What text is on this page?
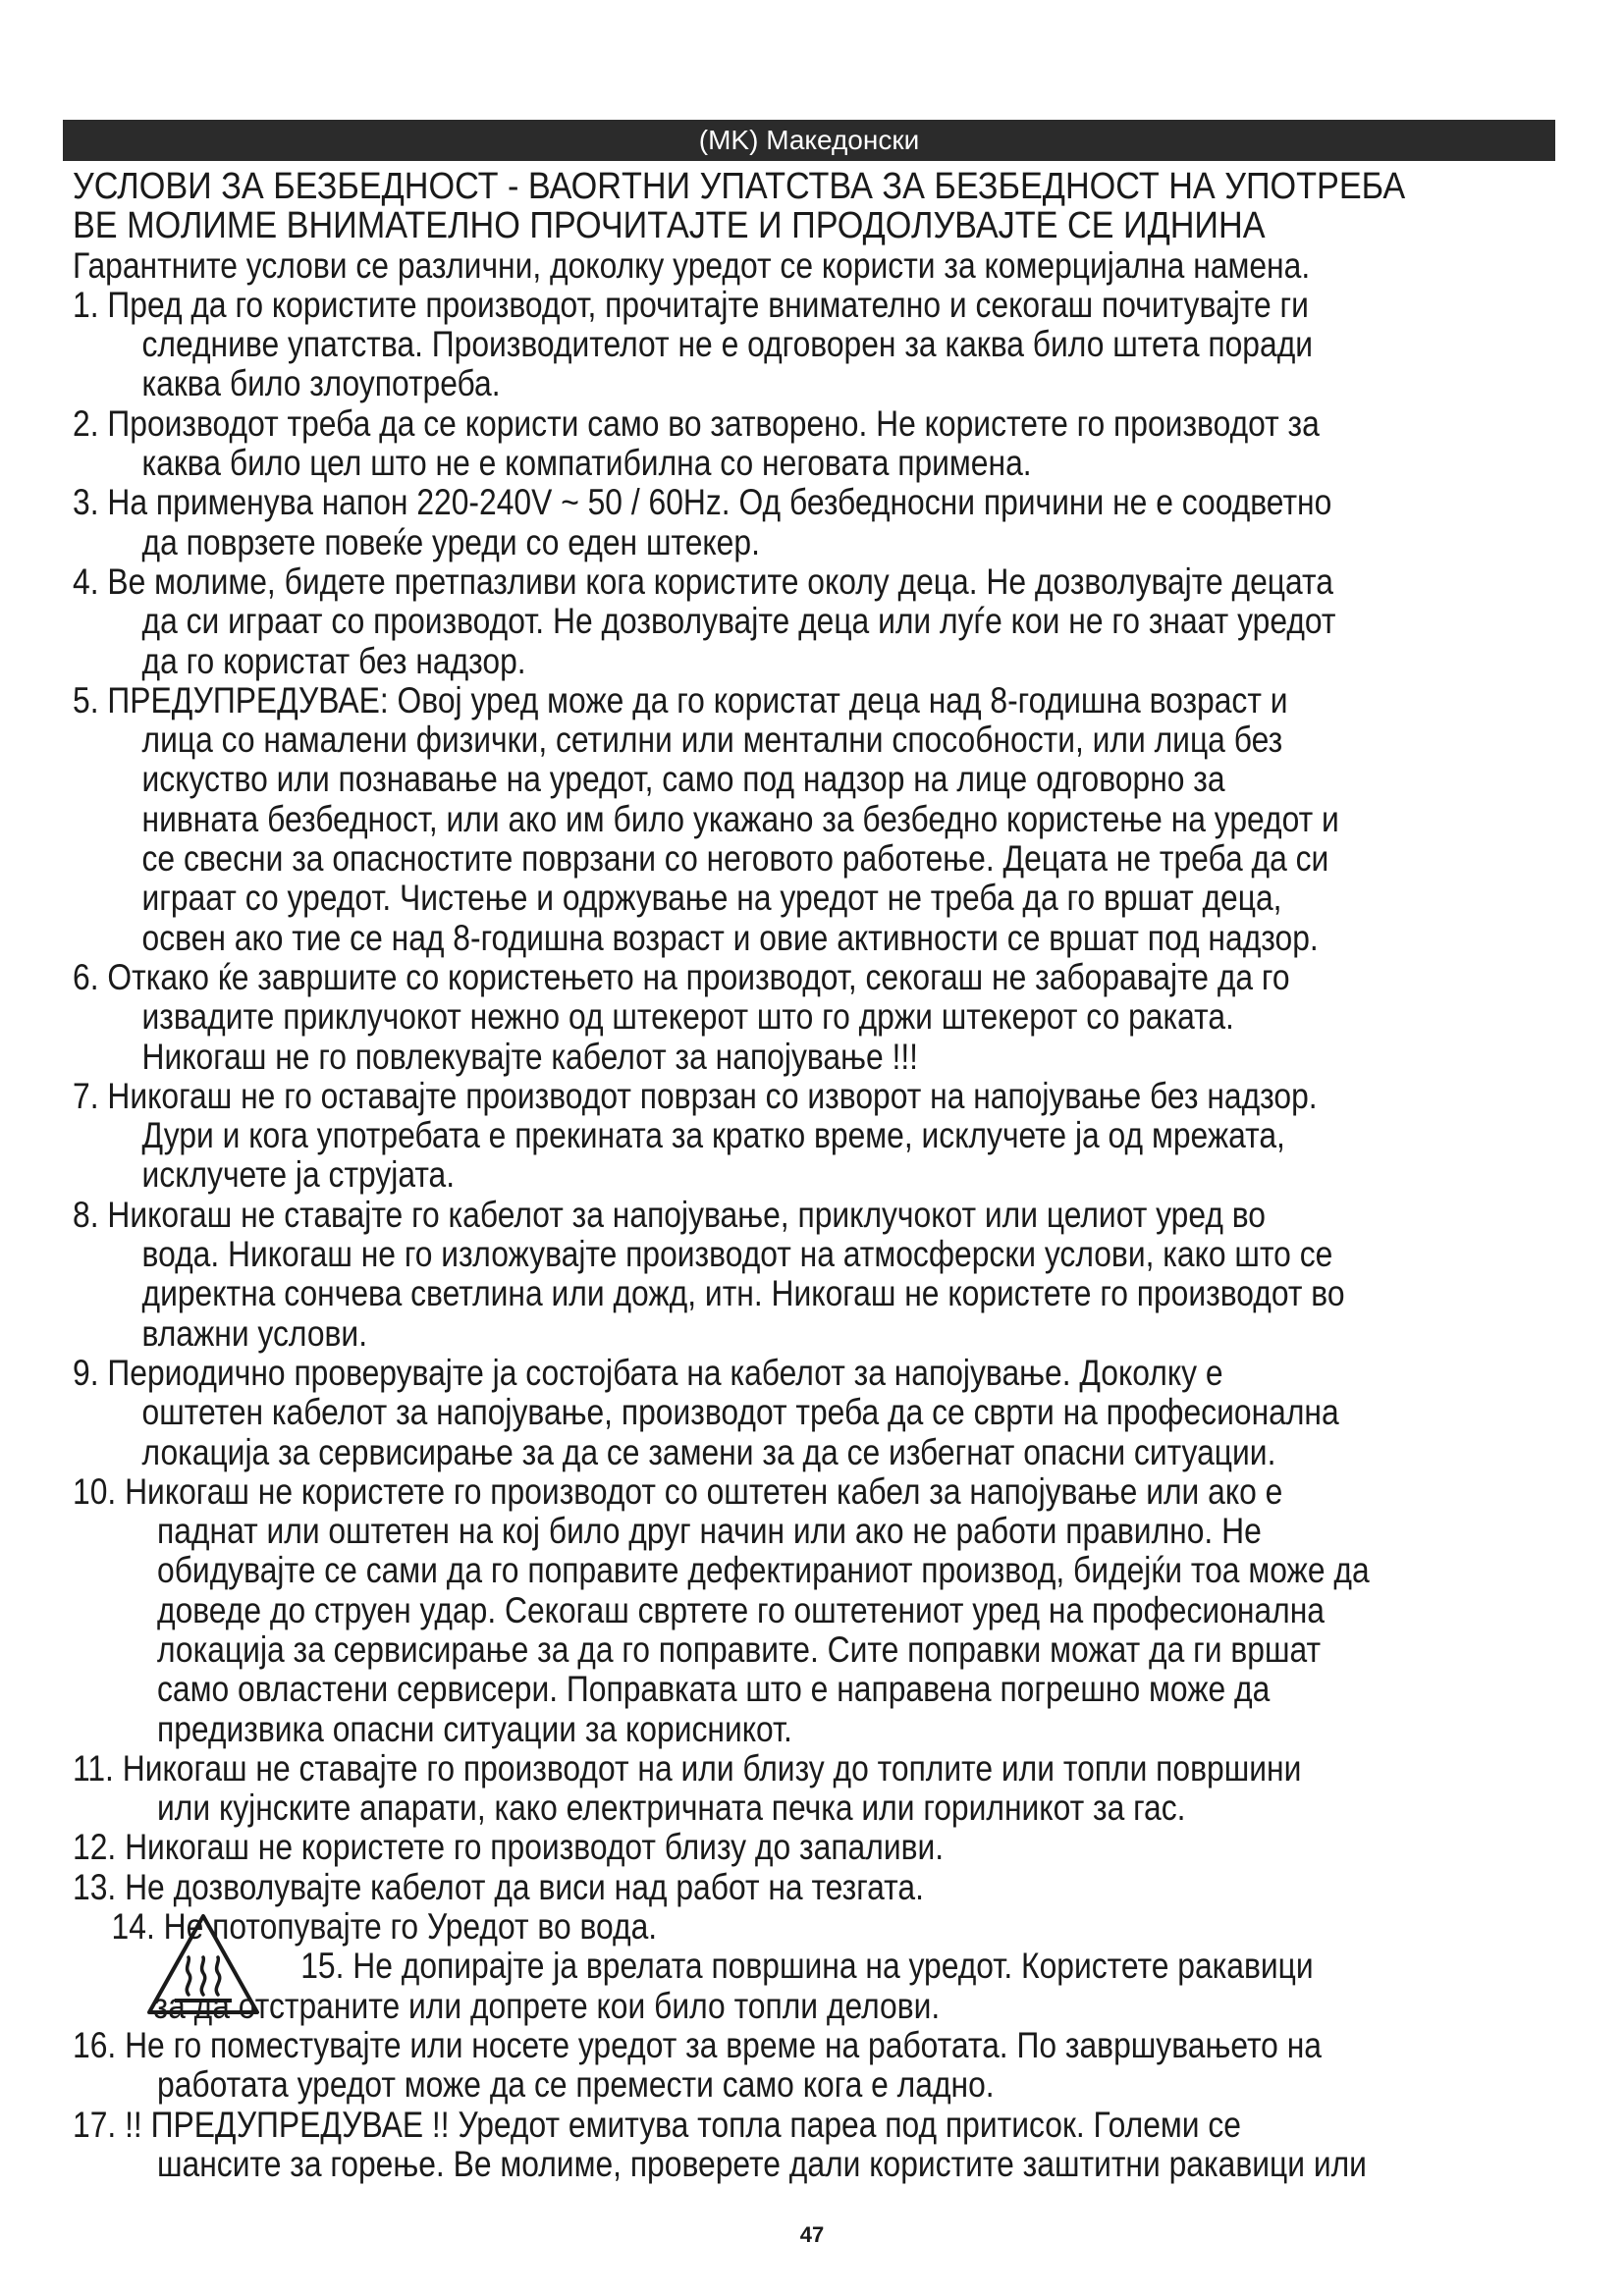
(MK) Македонски
УСЛОВИ ЗА БЕЗБЕДНОСТ - ВАОRТНИ УПАТСТВА ЗА БЕЗБЕДНОСТ НА УПОТРЕБА
ВЕ МОЛИМЕ ВНИМАТЕЛНО ПРОЧИТАЈТЕ И ПРОДОЛУВАЈТЕ СЕ ИДНИНА
Гарантните услови се различни, доколку уредот се користи за комерцијална намена.
1. Пред да го користите производот, прочитајте внимателно и секогаш почитувајте ги
следниве упатства. Производителот не е одговорен за каква било штета поради
каква било злоупотреба.
2. Производот треба да се користи само во затворено. Не користете го производот за
каква било цел што не е компатибилна со неговата примена.
3. На применува напон 220-240V ~ 50 / 60Hz. Од безбедносни причини не е соодветно
да поврзете повеќе уреди со еден штекер.
4. Ве молиме, бидете претпазливи кога користите околу деца. Не дозволувајте децата
да си играат со производот. Не дозволувајте деца или луѓе кои не го знаат уредот
да го користат без надзор.
5. ПРЕДУПРЕДУВАЕ: Овој уред може да го користат деца над 8-годишна возраст и
лица со намалени физички, сетилни или ментални способности, или лица без
искуство или познавање на уредот, само под надзор на лице одговорно за
нивната безбедност, или ако им било укажано за безбедно користење на уредот и
се свесни за опасностите поврзани со неговото работење. Децата не треба да си
играат со уредот. Чистење и одржување на уредот не треба да го вршат деца,
освен ако тие се над 8-годишна возраст и овие активности се вршат под надзор.
6. Откако ќе завршите со користењето на производот, секогаш не заборавајте да го
извадите приклучокот нежно од штекерот што го држи штекерот со раката.
Никогаш не го повлекувајте кабелот за напојување !!!
7. Никогаш не го оставајте производот поврзан со изворот на напојување без надзор.
Дури и кога употребата е прекината за кратко време, исклучете ја од мрежата,
исклучете ја струјата.
8. Никогаш не ставајте го кабелот за напојување, приклучокот или целиот уред во
вода. Никогаш не го изложувајте производот на атмосферски услови, како што се
директна сончева светлина или дожд, итн. Никогаш не користете го производот во
влажни услови.
9. Периодично проверувајте ја состојбата на кабелот за напојување. Доколку е
оштетен кабелот за напојување, производот треба да се сврти на професионална
локација за сервисирање за да се замени за да се избегнат опасни ситуации.
10. Никогаш не користете го производот со оштетен кабел за напојување или ако е
паднат или оштетен на кој било друг начин или ако не работи правилно. Не
обидувајте се сами да го поправите дефектираниот производ, бидејќи тоа може да
доведе до струен удар. Секогаш свртете го оштетениот уред на професионална
локација за сервисирање за да го поправите. Сите поправки можат да ги вршат
само овластени сервисери. Поправката што е направена погрешно може да
предизвика опасни ситуации за корисникот.
11. Никогаш не ставајте го производот на или близу до топлите или топли површини
или кујнските апарати, како електричната печка или горилникот за гас.
12. Никогаш не користете го производот близу до запаливи.
13. Не дозволувајте кабелот да виси над работ на тезгата.
14. Не потопувајте го Уредот во вода.
15. Не допирајте ја врелата површина на уредот. Користете ракавици
за да отстраните или допрете кои било топли делови.
16. Не го поместувајте или носете уредот за време на работата. По завршувањето на
работата уредот може да се премести само кога е ладно.
17. !! ПРЕДУПРЕДУВАЕ !! Уредот емитува топла пареа под притисок. Големи се
шансите за горење. Ве молиме, проверете дали користите заштитни ракавици или
47
